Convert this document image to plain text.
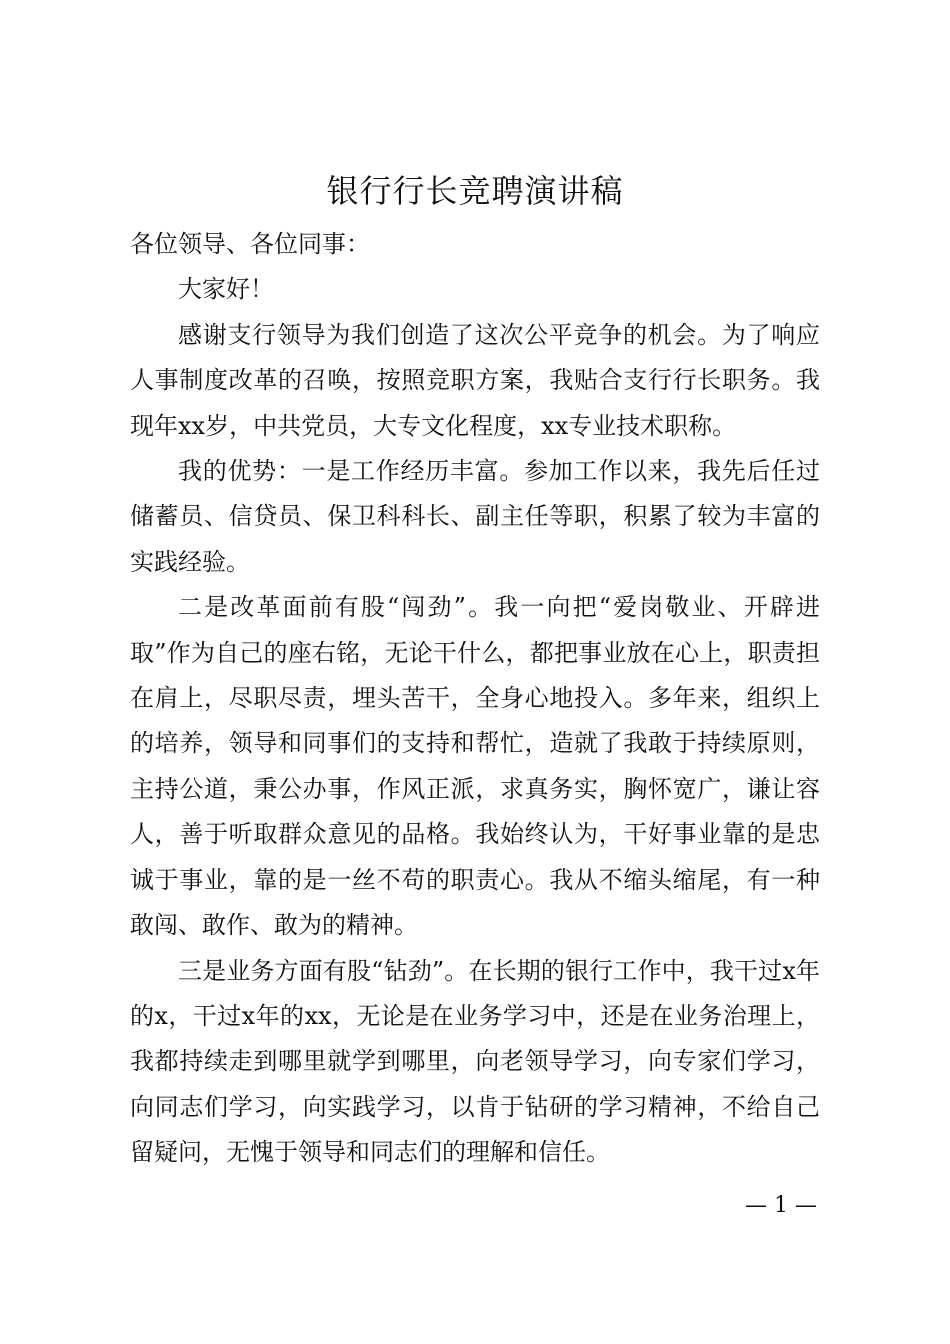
银行行长竞聘演讲稿

各位领导、各位同事：

大家好！

感谢支行领导为我们创造了这次公平竞争的机会。为了响应人事制度改革的召唤，按照竞职方案，我贴合支行行长职务。我现年xx岁，中共党员，大专文化程度，xx专业技术职称。

我的优势：一是工作经历丰富。参加工作以来，我先后任过储蓄员、信贷员、保卫科科长、副主任等职，积累了较为丰富的实践经验。

二是改革面前有股“闯劲”。我一向把“爱岗敬业、开辟进取”作为自己的座右铭，无论干什么，都把事业放在心上，职责担在肩上，尽职尽责，埋头苦干，全身心地投入。多年来，组织上的培养，领导和同事们的支持和帮忙，造就了我敢于持续原则，主持公道，秉公办事，作风正派，求真务实，胸怀宽广，谦让容人，善于听取群众意见的品格。我始终认为，干好事业靠的是忠诚于事业，靠的是一丝不苟的职责心。我从不缩头缩尾，有一种敢闯、敢作、敢为的精神。

三是业务方面有股“钻劲”。在长期的银行工作中，我干过x年的x，干过x年的xx，无论是在业务学习中，还是在业务治理上，我都持续走到哪里就学到哪里，向老领导学习，向专家们学习，向同志们学习，向实践学习，以肯于钻研的学习精神，不给自己留疑问，无愧于领导和同志们的理解和信任。

— 1 —
